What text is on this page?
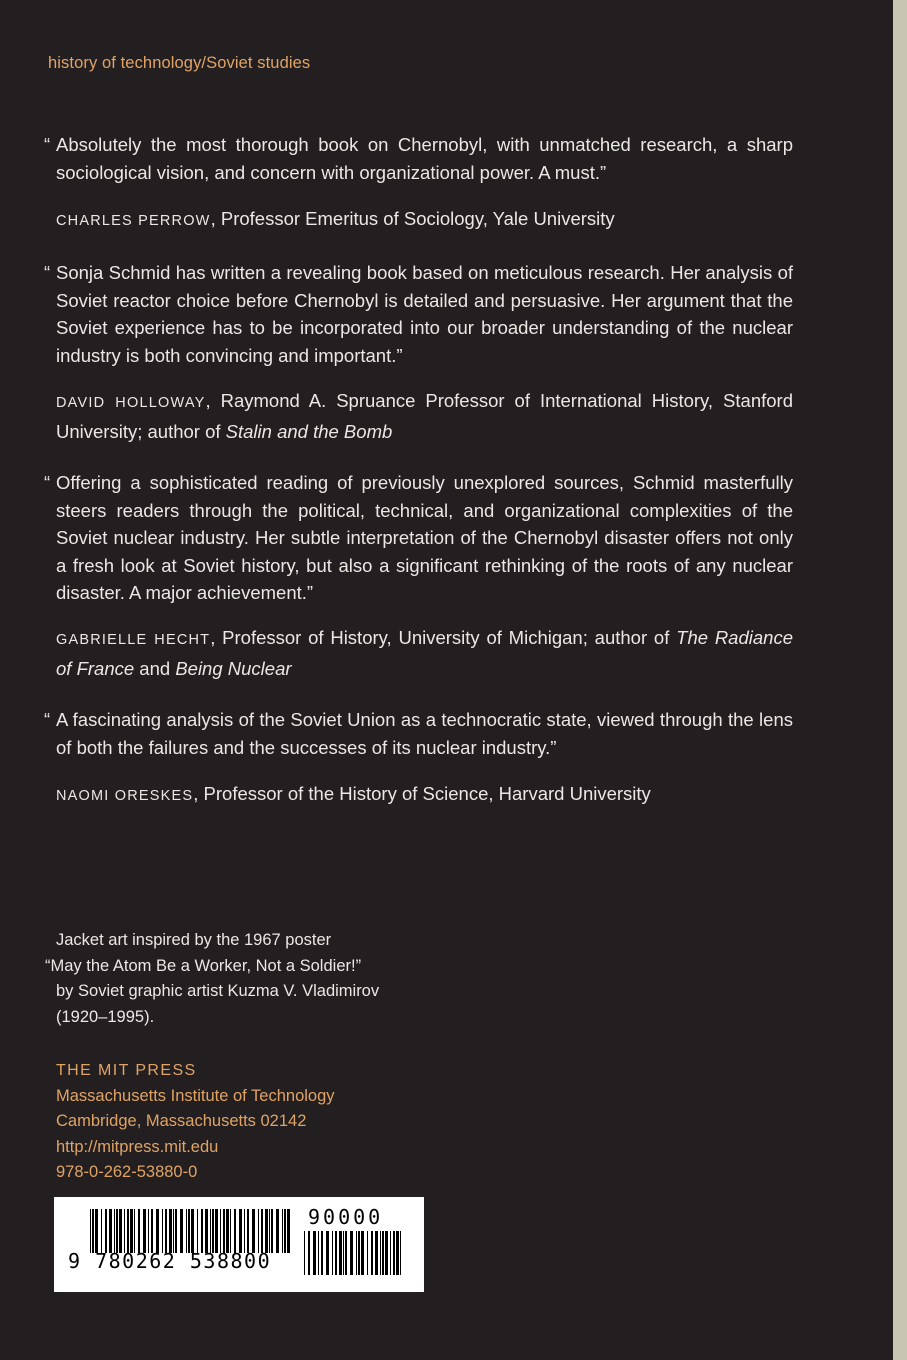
history of technology/Soviet studies
“ Absolutely the most thorough book on Chernobyl, with unmatched research, a sharp sociological vision, and concern with organizational power. A must.”
CHARLES PERROW, Professor Emeritus of Sociology, Yale University
“ Sonja Schmid has written a revealing book based on meticulous research. Her analysis of Soviet reactor choice before Chernobyl is detailed and persuasive. Her argument that the Soviet experience has to be incorporated into our broader understanding of the nuclear industry is both convincing and important.”
DAVID HOLLOWAY, Raymond A. Spruance Professor of International History, Stanford University; author of Stalin and the Bomb
“ Offering a sophisticated reading of previously unexplored sources, Schmid masterfully steers readers through the political, technical, and organizational complexities of the Soviet nuclear industry. Her subtle interpretation of the Chernobyl disaster offers not only a fresh look at Soviet history, but also a significant rethinking of the roots of any nuclear disaster. A major achievement.”
GABRIELLE HECHT, Professor of History, University of Michigan; author of The Radiance of France and Being Nuclear
“ A fascinating analysis of the Soviet Union as a technocratic state, viewed through the lens of both the failures and the successes of its nuclear industry.”
NAOMI ORESKES, Professor of the History of Science, Harvard University
Jacket art inspired by the 1967 poster
“May the Atom Be a Worker, Not a Soldier!”
by Soviet graphic artist Kuzma V. Vladimirov
(1920–1995).
THE MIT PRESS
Massachusetts Institute of Technology
Cambridge, Massachusetts 02142
http://mitpress.mit.edu
978-0-262-53880-0
9 780262 538800
90000
